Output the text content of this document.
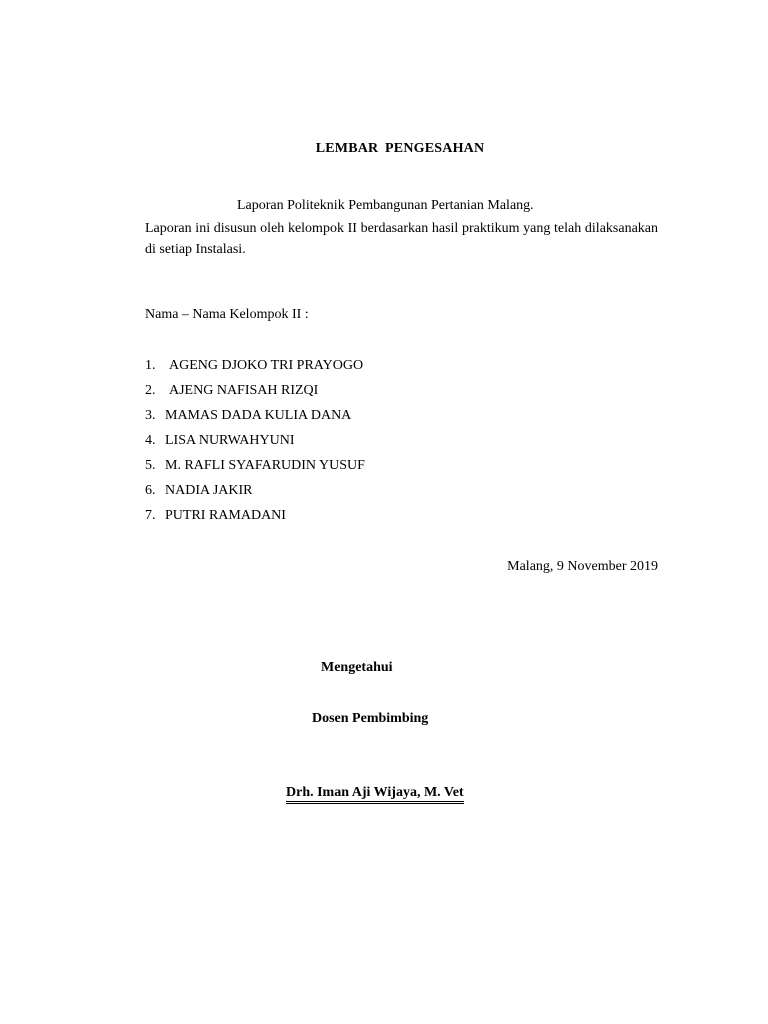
LEMBAR PENGESAHAN

Laporan Politeknik Pembangunan Pertanian Malang.

Laporan ini disusun oleh kelompok II berdasarkan hasil praktikum yang telah dilaksanakan di setiap Instalasi.

Nama – Nama Kelompok II :

1. AGENG DJOKO TRI PRAYOGO
2. AJENG NAFISAH RIZQI
3. MAMAS DADA KULIA DANA
4. LISA NURWAHYUNI
5. M. RAFLI SYAFARUDIN YUSUF
6. NADIA JAKIR
7. PUTRI RAMADANI

Malang, 9 November 2019

Mengetahui

Dosen Pembimbing

Drh. Iman Aji Wijaya, M. Vet
